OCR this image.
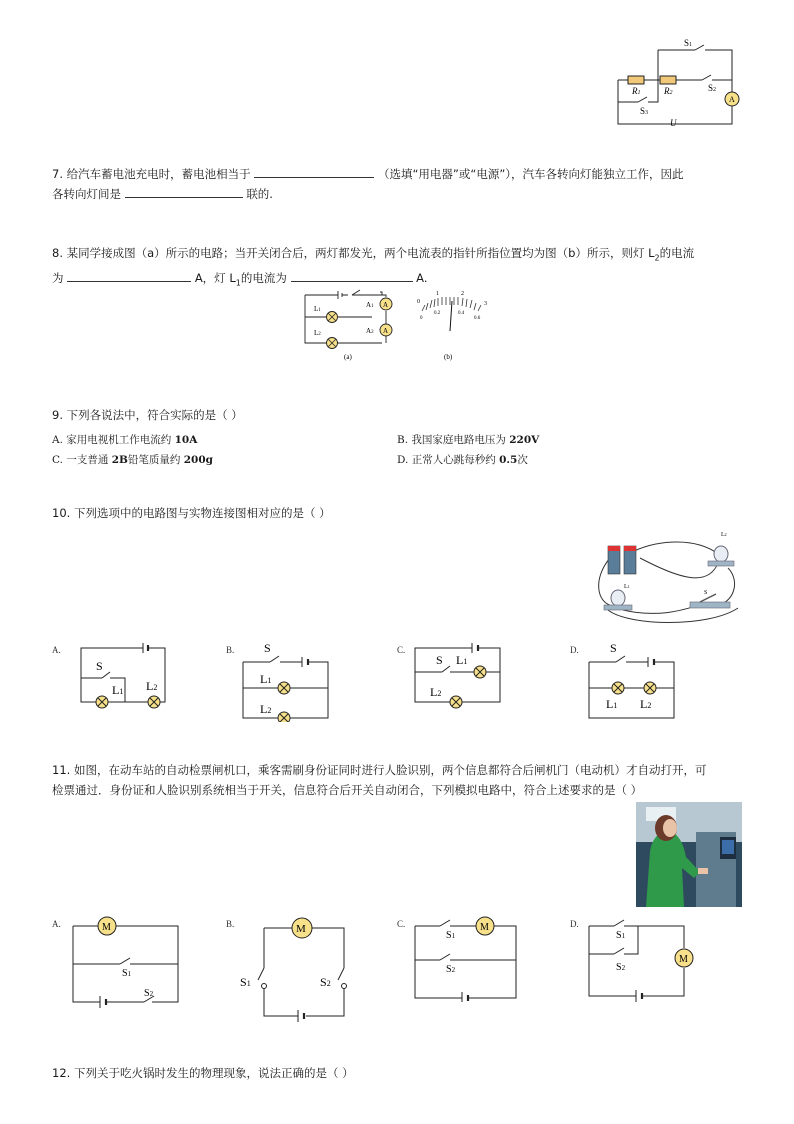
A
S1
R1	R2	S2
S3
U
7. 给汽车蓄电池充电时，蓄电池相当于	（选填“用电器”或“电源”），汽车各转向灯能独立工作，因此
各转向灯间是	联的.
8. 某同学接成图（a）所示的电路；当开关闭合后，两灯都发光，两个电流表的指针所指位置均为图（b）所示，则灯 $L_2$的电流
为	A，灯 $L_1$的电流为	A.
A
A
A1
A2
L1
L2
(a)
1	2
0	3
0
0.2	0.4
0.6
(b)
9. 下列各说法中，符合实际的是（ ）
A. 家用电视机工作电流约 10A	B. 我国家庭电路电压为 220V
C. 一支普通 2B铅笔质量约 200g	D. 正常人心跳每秒约 0.5次
10. 下列选项中的电路图与实物连接图相对应的是（ ）
L2
L1
S
A.
S
L1 L2
B. S
L1
L2
C.
S L1
L2
D.	S
L1 L2
11. 如图，在动车站的自动检票闸机口，乘客需刷身份证同时进行人脸识别，两个信息都符合后闸机门（电动机）才自动打开，可
检票通过．身份证和人脸识别系统相当于开关，信息符合后开关自动闭合，下列模拟电路中，符合上述要求的是（ ）
A.	M
S1
S2
B.	M
S1	S2
C.	M
S1
S2
D.
M
S1
S2
12. 下列关于吃火锅时发生的物理现象，说法正确的是（ ）
